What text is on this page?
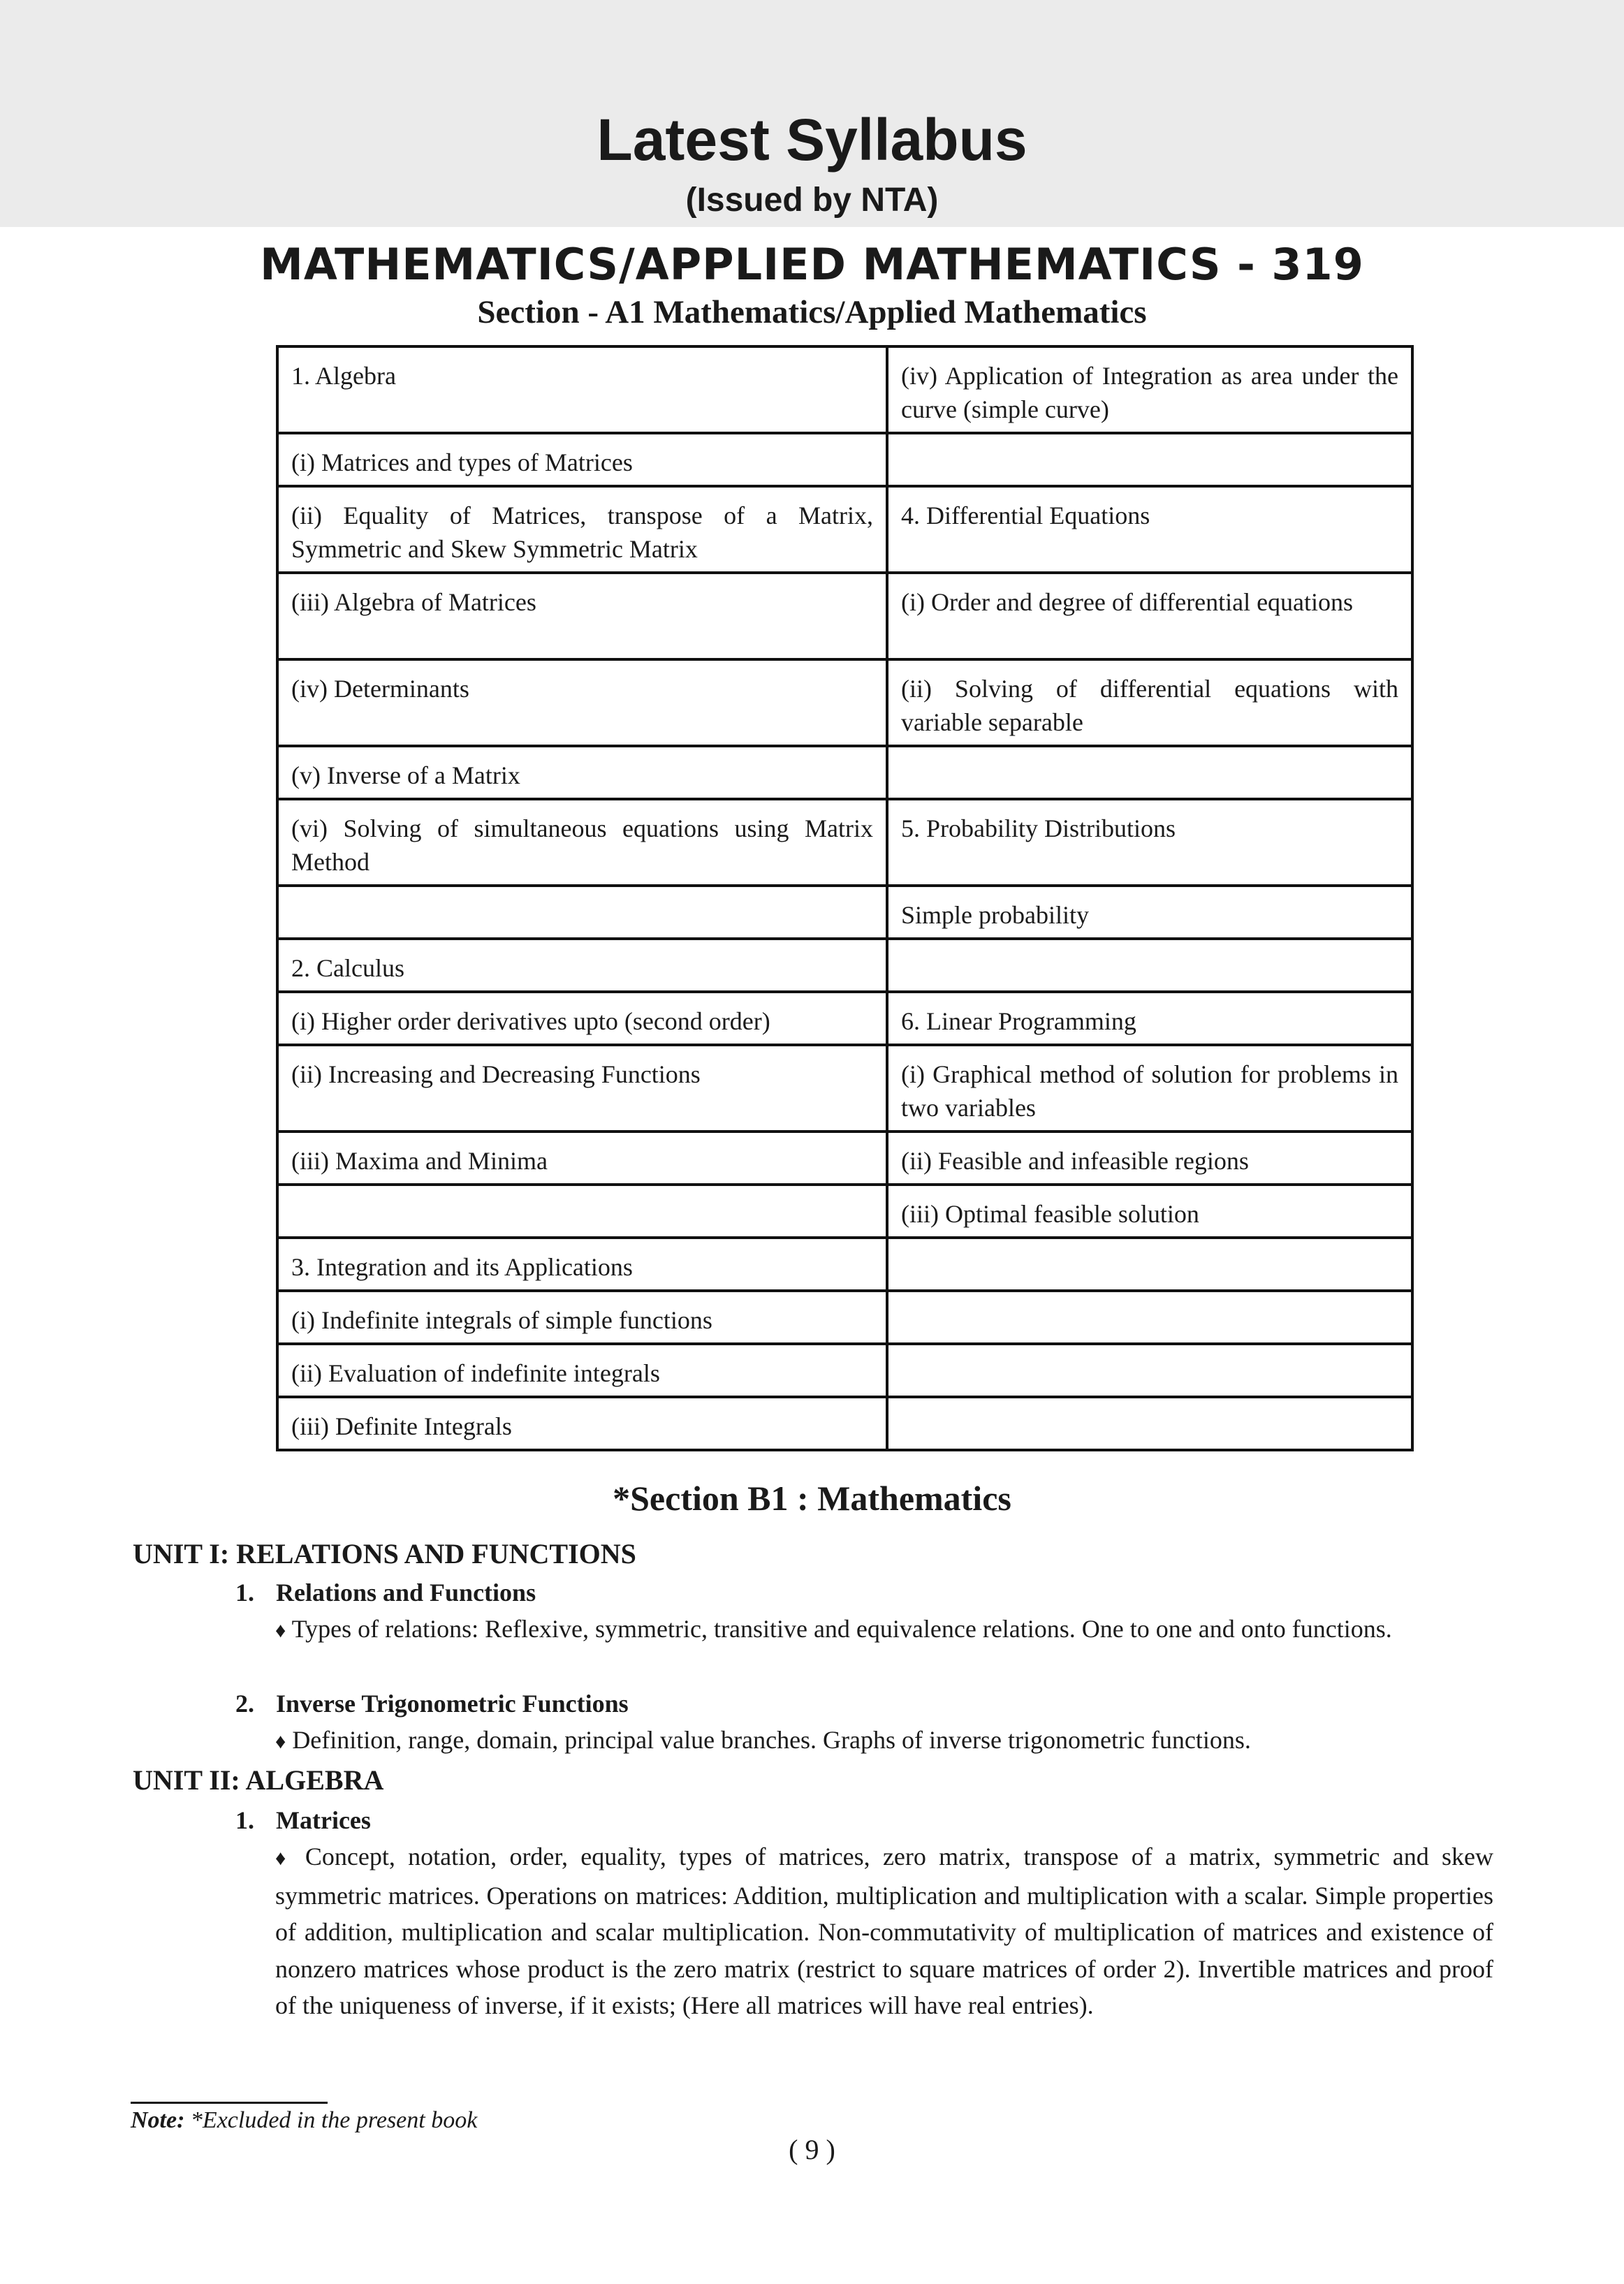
Latest Syllabus
(Issued by NTA)
MATHEMATICS/APPLIED MATHEMATICS - 319
Section - A1 Mathematics/Applied Mathematics
1. Algebra	(iv) Application of Integration as area under the curve (simple curve)
(i) Matrices and types of Matrices	
(ii) Equality of Matrices, transpose of a Matrix, Symmetric and Skew Symmetric Matrix	4. Differential Equations
(iii) Algebra of Matrices	(i) Order and degree of differential equations
(iv) Determinants	(ii) Solving of differential equations with variable separable
(v) Inverse of a Matrix	
(vi) Solving of simultaneous equations using Matrix Method	5. Probability Distributions
	Simple probability
2. Calculus	
(i) Higher order derivatives upto (second order)	6. Linear Programming
(ii) Increasing and Decreasing Functions	(i) Graphical method of solution for problems in two variables
(iii) Maxima and Minima	(ii) Feasible and infeasible regions
	(iii) Optimal feasible solution
3. Integration and its Applications	
(i) Indefinite integrals of simple functions	
(ii) Evaluation of indefinite integrals	
(iii) Definite Integrals	
*Section B1 : Mathematics
UNIT I: RELATIONS AND FUNCTIONS
1. Relations and Functions
♦ Types of relations: Reflexive, symmetric, transitive and equivalence relations. One to one and onto functions.
2. Inverse Trigonometric Functions
♦ Definition, range, domain, principal value branches. Graphs of inverse trigonometric functions.
UNIT II: ALGEBRA
1. Matrices
♦ Concept, notation, order, equality, types of matrices, zero matrix, transpose of a matrix, symmetric and skew symmetric matrices. Operations on matrices: Addition, multiplication and multiplication with a scalar. Simple properties of addition, multiplication and scalar multiplication. Non-commutativity of multiplication of matrices and existence of nonzero matrices whose product is the zero matrix (restrict to square matrices of order 2). Invertible matrices and proof of the uniqueness of inverse, if it exists; (Here all matrices will have real entries).
Note: *Excluded in the present book
( 9 )
